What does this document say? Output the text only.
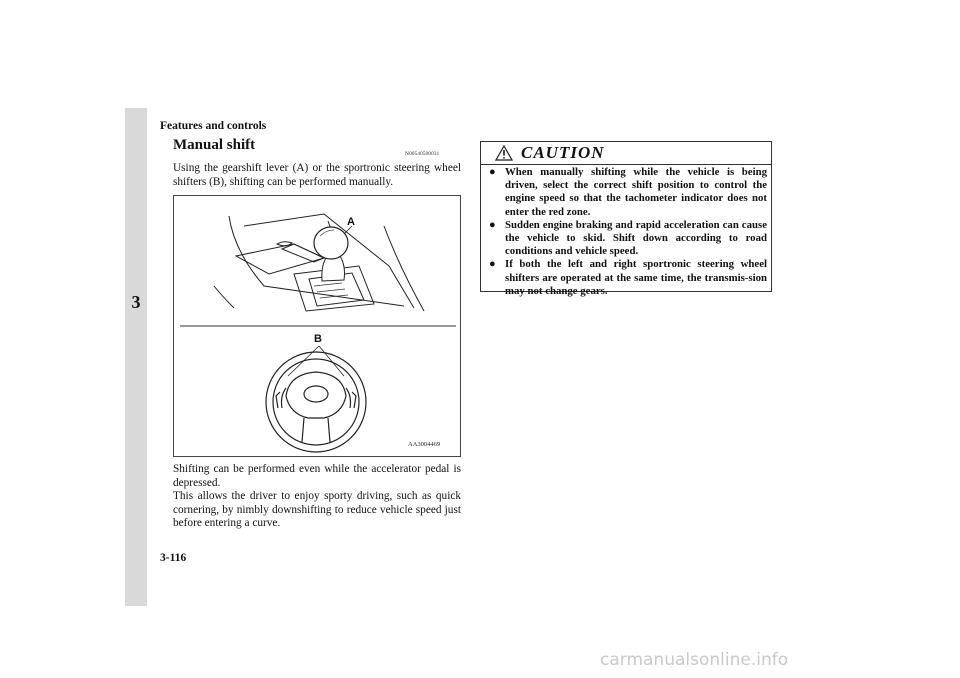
3
Features and controls
Manual shift
N00540500031
Using the gearshift lever (A) or the sportronic steering wheel shifters (B), shifting can be performed manually.
A
B
AA3004469
Shifting can be performed even while the accelerator pedal is depressed.
This allows the driver to enjoy sporty driving, such as quick cornering, by nimbly downshifting to reduce vehicle speed just before entering a curve.
CAUTION
● When manually shifting while the vehicle is being driven, select the correct shift position to control the engine speed so that the tachometer indicator does not enter the red zone.
● Sudden engine braking and rapid acceleration can cause the vehicle to skid. Shift down according to road conditions and vehicle speed.
● If both the left and right sportronic steering wheel shifters are operated at the same time, the transmis-sion may not change gears.
3-116
carmanualsonline.info
